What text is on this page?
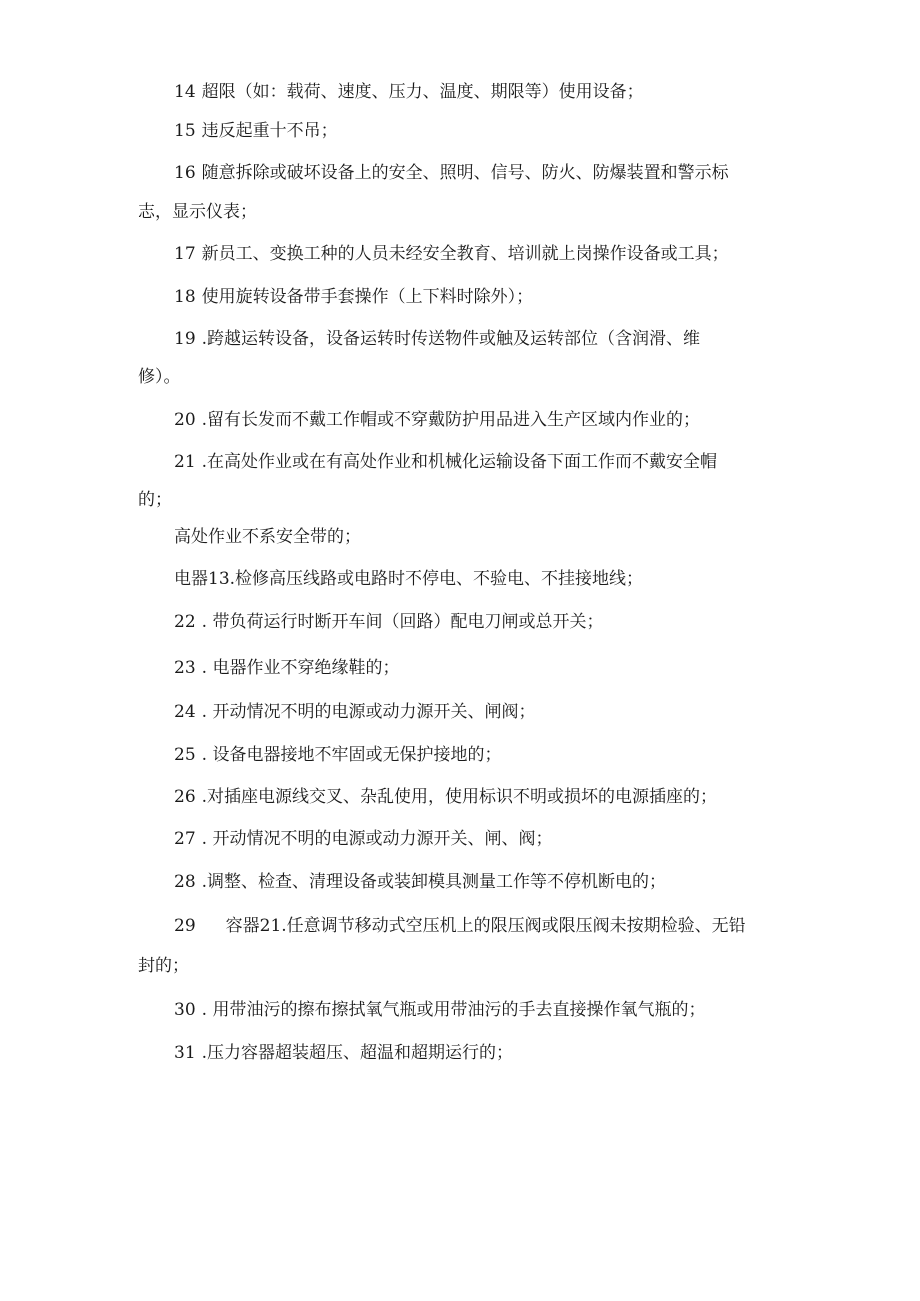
14 超限（如：载荷、速度、压力、温度、期限等）使用设备；
15 违反起重十不吊；
16 随意拆除或破坏设备上的安全、照明、信号、防火、防爆装置和警示标
志，显示仪表；
17 新员工、变换工种的人员未经安全教育、培训就上岗操作设备或工具；
18 使用旋转设备带手套操作（上下料时除外）；
19 .跨越运转设备，设备运转时传送物件或触及运转部位（含润滑、维
修）。
20 .留有长发而不戴工作帽或不穿戴防护用品进入生产区域内作业的；
21 .在高处作业或在有高处作业和机械化运输设备下面工作而不戴安全帽
的；
高处作业不系安全带的；
电器13.检修高压线路或电路时不停电、不验电、不挂接地线；
22 . 带负荷运行时断开车间（回路）配电刀闸或总开关；
23 . 电器作业不穿绝缘鞋的；
24 . 开动情况不明的电源或动力源开关、闸阀；
25 . 设备电器接地不牢固或无保护接地的；
26 .对插座电源线交叉、杂乱使用，使用标识不明或损坏的电源插座的；
27 . 开动情况不明的电源或动力源开关、闸、阀；
28 .调整、检查、清理设备或装卸模具测量工作等不停机断电的；
29 容器21.任意调节移动式空压机上的限压阀或限压阀未按期检验、无铅
封的；
30 . 用带油污的擦布擦拭氧气瓶或用带油污的手去直接操作氧气瓶的；
31 .压力容器超装超压、超温和超期运行的；
